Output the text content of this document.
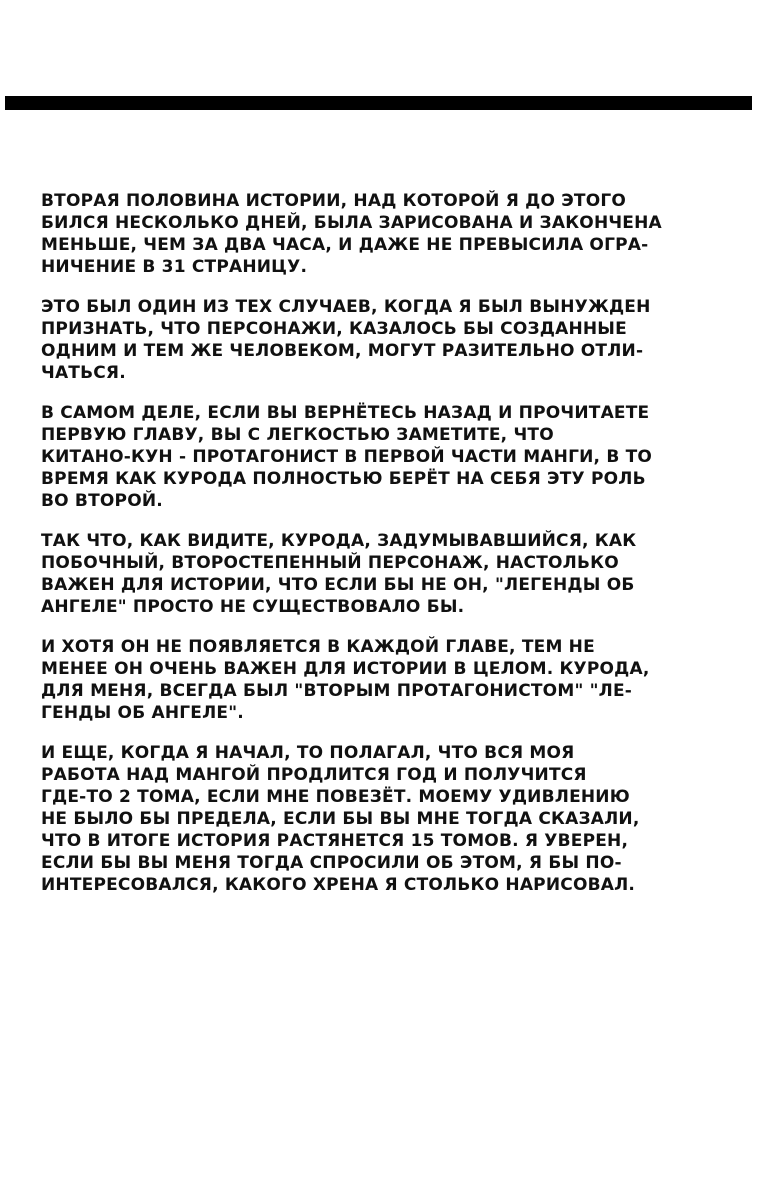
ВТОРАЯ ПОЛОВИНА ИСТОРИИ, НАД КОТОРОЙ Я ДО ЭТОГО
БИЛСЯ НЕСКОЛЬКО ДНЕЙ, БЫЛА ЗАРИСОВАНА И ЗАКОНЧЕНА
МЕНЬШЕ, ЧЕМ ЗА ДВА ЧАСА, И ДАЖЕ НЕ ПРЕВЫСИЛА ОГРА-
НИЧЕНИЕ В 31 СТРАНИЦУ.

ЭТО БЫЛ ОДИН ИЗ ТЕХ СЛУЧАЕВ, КОГДА Я БЫЛ ВЫНУЖДЕН
ПРИЗНАТЬ, ЧТО ПЕРСОНАЖИ, КАЗАЛОСЬ БЫ СОЗДАННЫЕ
ОДНИМ И ТЕМ ЖЕ ЧЕЛОВЕКОМ, МОГУТ РАЗИТЕЛЬНО ОТЛИ-
ЧАТЬСЯ.

В САМОМ ДЕЛЕ, ЕСЛИ ВЫ ВЕРНЁТЕСЬ НАЗАД И ПРОЧИТАЕТЕ
ПЕРВУЮ ГЛАВУ, ВЫ С ЛЕГКОСТЬЮ ЗАМЕТИТЕ, ЧТО
КИТАНО-КУН - ПРОТАГОНИСТ В ПЕРВОЙ ЧАСТИ МАНГИ, В ТО
ВРЕМЯ КАК КУРОДА ПОЛНОСТЬЮ БЕРЁТ НА СЕБЯ ЭТУ РОЛЬ
ВО ВТОРОЙ.

ТАК ЧТО, КАК ВИДИТЕ, КУРОДА, ЗАДУМЫВАВШИЙСЯ, КАК
ПОБОЧНЫЙ, ВТОРОСТЕПЕННЫЙ ПЕРСОНАЖ, НАСТОЛЬКО
ВАЖЕН ДЛЯ ИСТОРИИ, ЧТО ЕСЛИ БЫ НЕ ОН, "ЛЕГЕНДЫ ОБ
АНГЕЛЕ" ПРОСТО НЕ СУЩЕСТВОВАЛО БЫ.

И ХОТЯ ОН НЕ ПОЯВЛЯЕТСЯ В КАЖДОЙ ГЛАВЕ, ТЕМ НЕ
МЕНЕЕ ОН ОЧЕНЬ ВАЖЕН ДЛЯ ИСТОРИИ В ЦЕЛОМ. КУРОДА,
ДЛЯ МЕНЯ, ВСЕГДА БЫЛ "ВТОРЫМ ПРОТАГОНИСТОМ" "ЛЕ-
ГЕНДЫ ОБ АНГЕЛЕ".

И ЕЩЕ, КОГДА Я НАЧАЛ, ТО ПОЛАГАЛ, ЧТО ВСЯ МОЯ
РАБОТА НАД МАНГОЙ ПРОДЛИТСЯ ГОД И ПОЛУЧИТСЯ
ГДЕ-ТО 2 ТОМА, ЕСЛИ МНЕ ПОВЕЗЁТ. МОЕМУ УДИВЛЕНИЮ
НЕ БЫЛО БЫ ПРЕДЕЛА, ЕСЛИ БЫ ВЫ МНЕ ТОГДА СКАЗАЛИ,
ЧТО В ИТОГЕ ИСТОРИЯ РАСТЯНЕТСЯ 15 ТОМОВ. Я УВЕРЕН,
ЕСЛИ БЫ ВЫ МЕНЯ ТОГДА СПРОСИЛИ ОБ ЭТОМ, Я БЫ ПО-
ИНТЕРЕСОВАЛСЯ, КАКОГО ХРЕНА Я СТОЛЬКО НАРИСОВАЛ.
